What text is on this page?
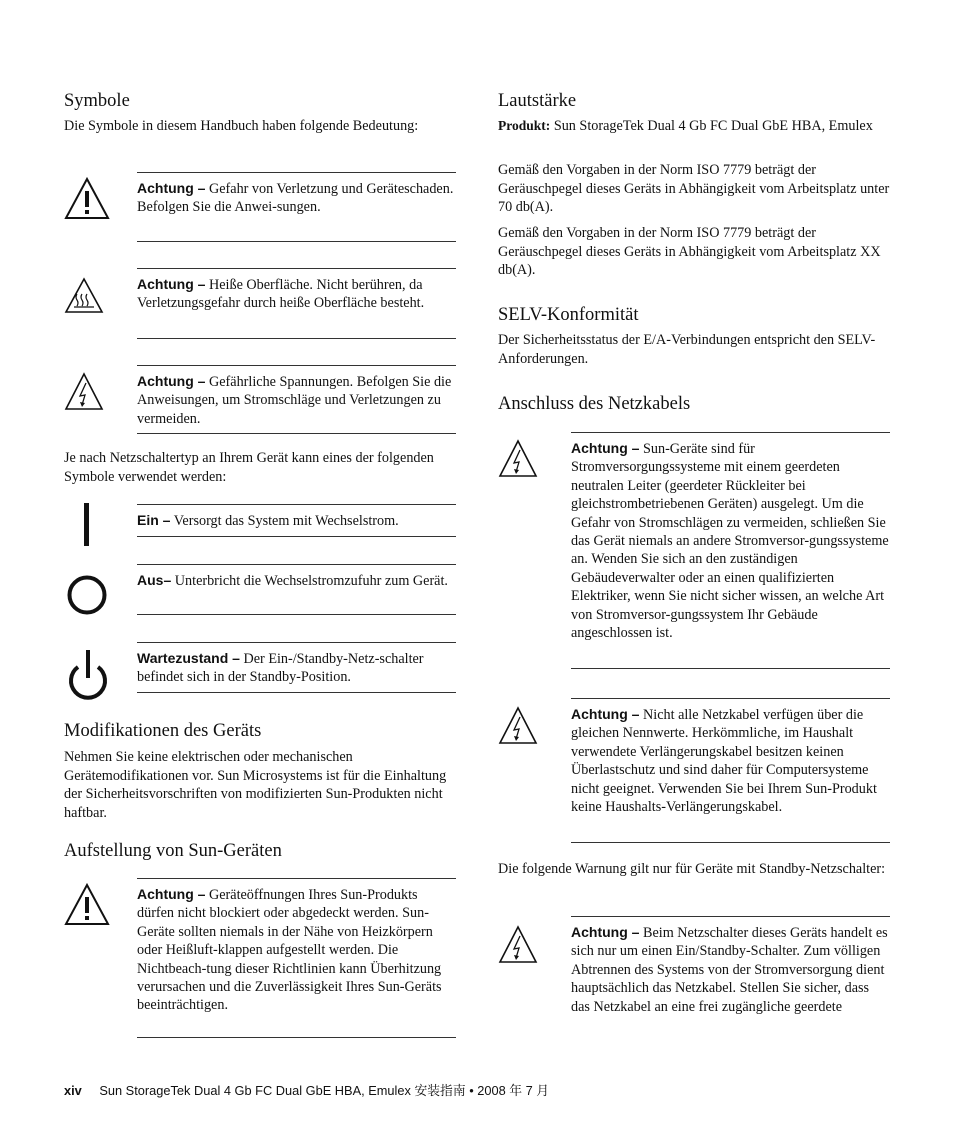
Symbole

Die Symbole in diesem Handbuch haben folgende Bedeutung:

Achtung – Gefahr von Verletzung und Geräteschaden. Befolgen Sie die Anwei-sungen.

Achtung – Heiße Oberfläche. Nicht berühren, da Verletzungsgefahr durch heiße Oberfläche besteht.

Achtung – Gefährliche Spannungen. Befolgen Sie die Anweisungen, um Stromschläge und Verletzungen zu vermeiden.

Je nach Netzschaltertyp an Ihrem Gerät kann eines der folgenden Symbole verwendet werden:

Ein – Versorgt das System mit Wechselstrom.

Aus– Unterbricht die Wechselstromzufuhr zum Gerät.

Wartezustand – Der Ein-/Standby-Netz-schalter befindet sich in der Standby-Position.

Modifikationen des Geräts

Nehmen Sie keine elektrischen oder mechanischen Gerätemodifikationen vor. Sun Microsystems ist für die Einhaltung der Sicherheitsvorschriften von modifizierten Sun-Produkten nicht haftbar.

Aufstellung von Sun-Geräten

Achtung – Geräteöffnungen Ihres Sun-Produkts dürfen nicht blockiert oder abgedeckt werden. Sun-Geräte sollten niemals in der Nähe von Heizkörpern oder Heißluft-klappen aufgestellt werden. Die Nichtbeach-tung dieser Richtlinien kann Überhitzung verursachen und die Zuverlässigkeit Ihres Sun-Geräts beeinträchtigen.

Lautstärke

Produkt: Sun StorageTek Dual 4 Gb FC Dual GbE HBA, Emulex

Gemäß den Vorgaben in der Norm ISO 7779 beträgt der Geräuschpegel dieses Geräts in Abhängigkeit vom Arbeitsplatz unter 70 db(A).

Gemäß den Vorgaben in der Norm ISO 7779 beträgt der Geräuschpegel dieses Geräts in Abhängigkeit vom Arbeitsplatz XX db(A).

SELV-Konformität

Der Sicherheitsstatus der E/A-Verbindungen entspricht den SELV-Anforderungen.

Anschluss des Netzkabels

Achtung – Sun-Geräte sind für Stromversorgungssysteme mit einem geerdeten neutralen Leiter (geerdeter Rückleiter bei gleichstrombetriebenen Geräten) ausgelegt. Um die Gefahr von Stromschlägen zu vermeiden, schließen Sie das Gerät niemals an andere Stromversor-gungssysteme an. Wenden Sie sich an den zuständigen Gebäudeverwalter oder an einen qualifizierten Elektriker, wenn Sie nicht sicher wissen, an welche Art von Stromversor-gungssystem Ihr Gebäude angeschlossen ist.

Achtung – Nicht alle Netzkabel verfügen über die gleichen Nennwerte. Herkömmliche, im Haushalt verwendete Verlängerungskabel besitzen keinen Überlastschutz und sind daher für Computersysteme nicht geeignet. Verwenden Sie bei Ihrem Sun-Produkt keine Haushalts-Verlängerungskabel.

Die folgende Warnung gilt nur für Geräte mit Standby-Netzschalter:

Achtung – Beim Netzschalter dieses Geräts handelt es sich nur um einen Ein/Standby-Schalter. Zum völligen Abtrennen des Systems von der Stromversorgung dient hauptsächlich das Netzkabel. Stellen Sie sicher, dass das Netzkabel an eine frei zugängliche geerdete

xiv Sun StorageTek Dual 4 Gb FC Dual GbE HBA, Emulex 安装指南 • 2008 年 7 月
